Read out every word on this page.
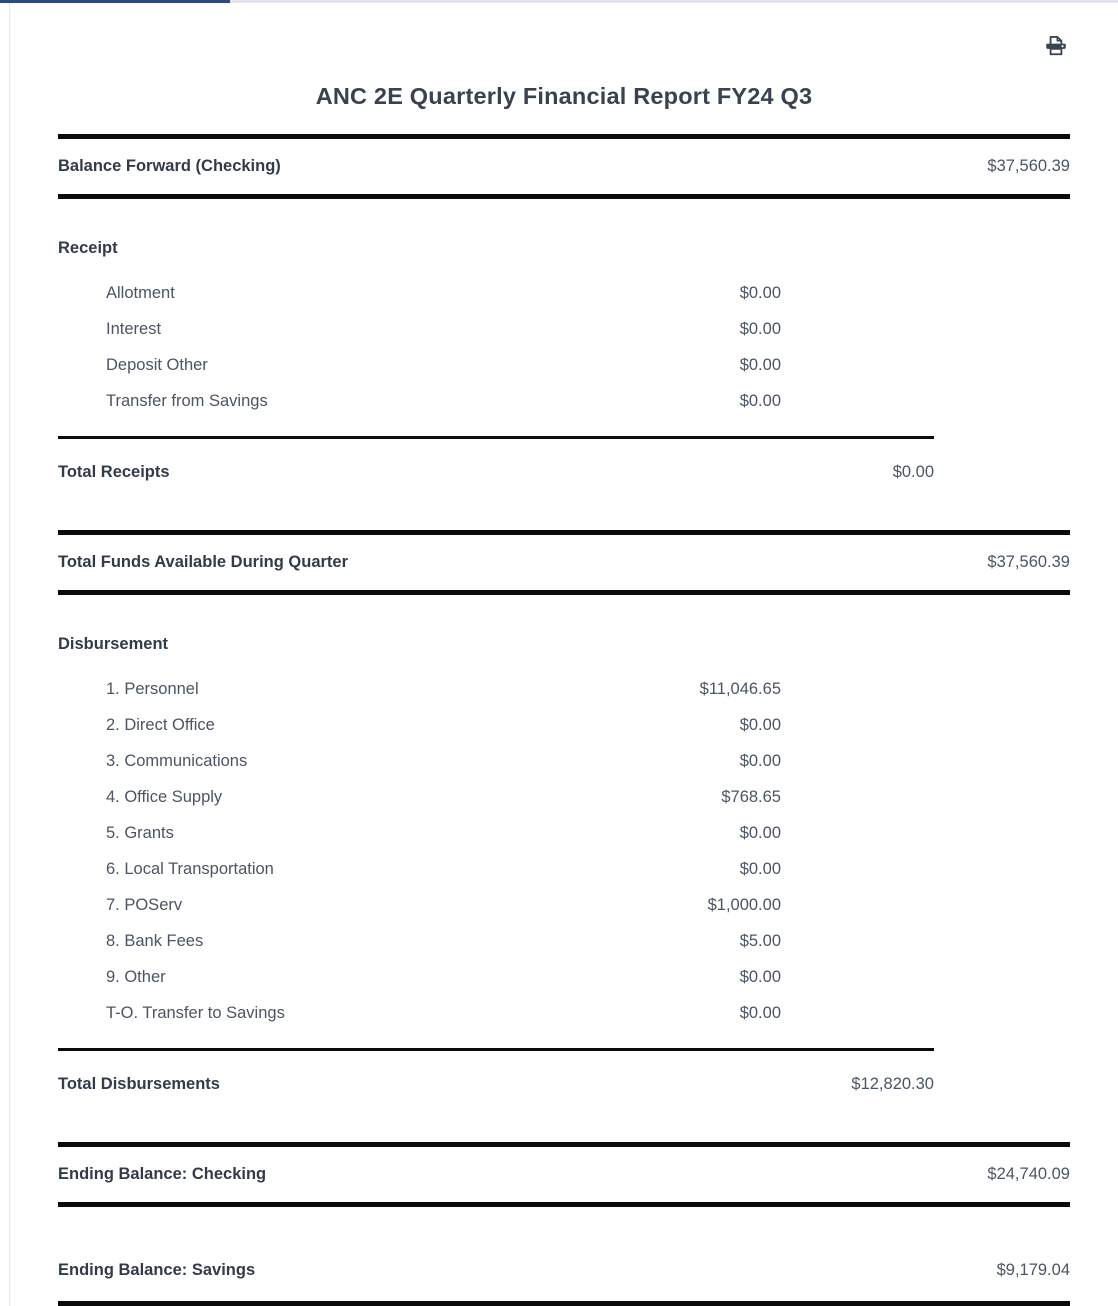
ANC 2E Quarterly Financial Report FY24 Q3
Balance Forward (Checking)	$37,560.39
Receipt
Allotment	$0.00
Interest	$0.00
Deposit Other	$0.00
Transfer from Savings	$0.00
Total Receipts	$0.00
Total Funds Available During Quarter	$37,560.39
Disbursement
1. Personnel	$11,046.65
2. Direct Office	$0.00
3. Communications	$0.00
4. Office Supply	$768.65
5. Grants	$0.00
6. Local Transportation	$0.00
7. POServ	$1,000.00
8. Bank Fees	$5.00
9. Other	$0.00
T-O. Transfer to Savings	$0.00
Total Disbursements	$12,820.30
Ending Balance: Checking	$24,740.09
Ending Balance: Savings	$9,179.04
